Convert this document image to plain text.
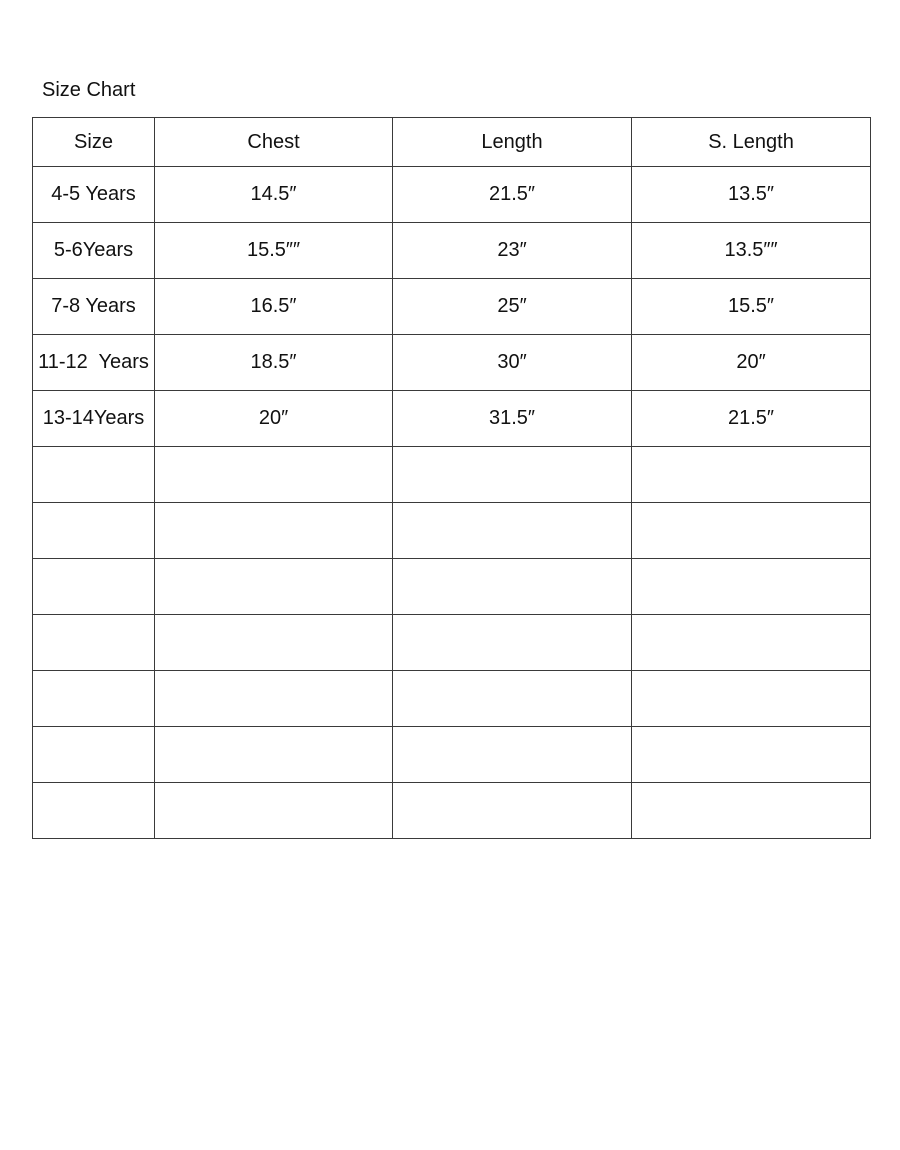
Size Chart
Size	Chest	Length	S. Length
4-5 Years	14.5″	21.5″	13.5″
5-6Years	15.5″″	23″	13.5″″
7-8 Years	16.5″	25″	15.5″
11-12  Years	18.5″	30″	20″
13-14Years	20″	31.5″	21.5″
